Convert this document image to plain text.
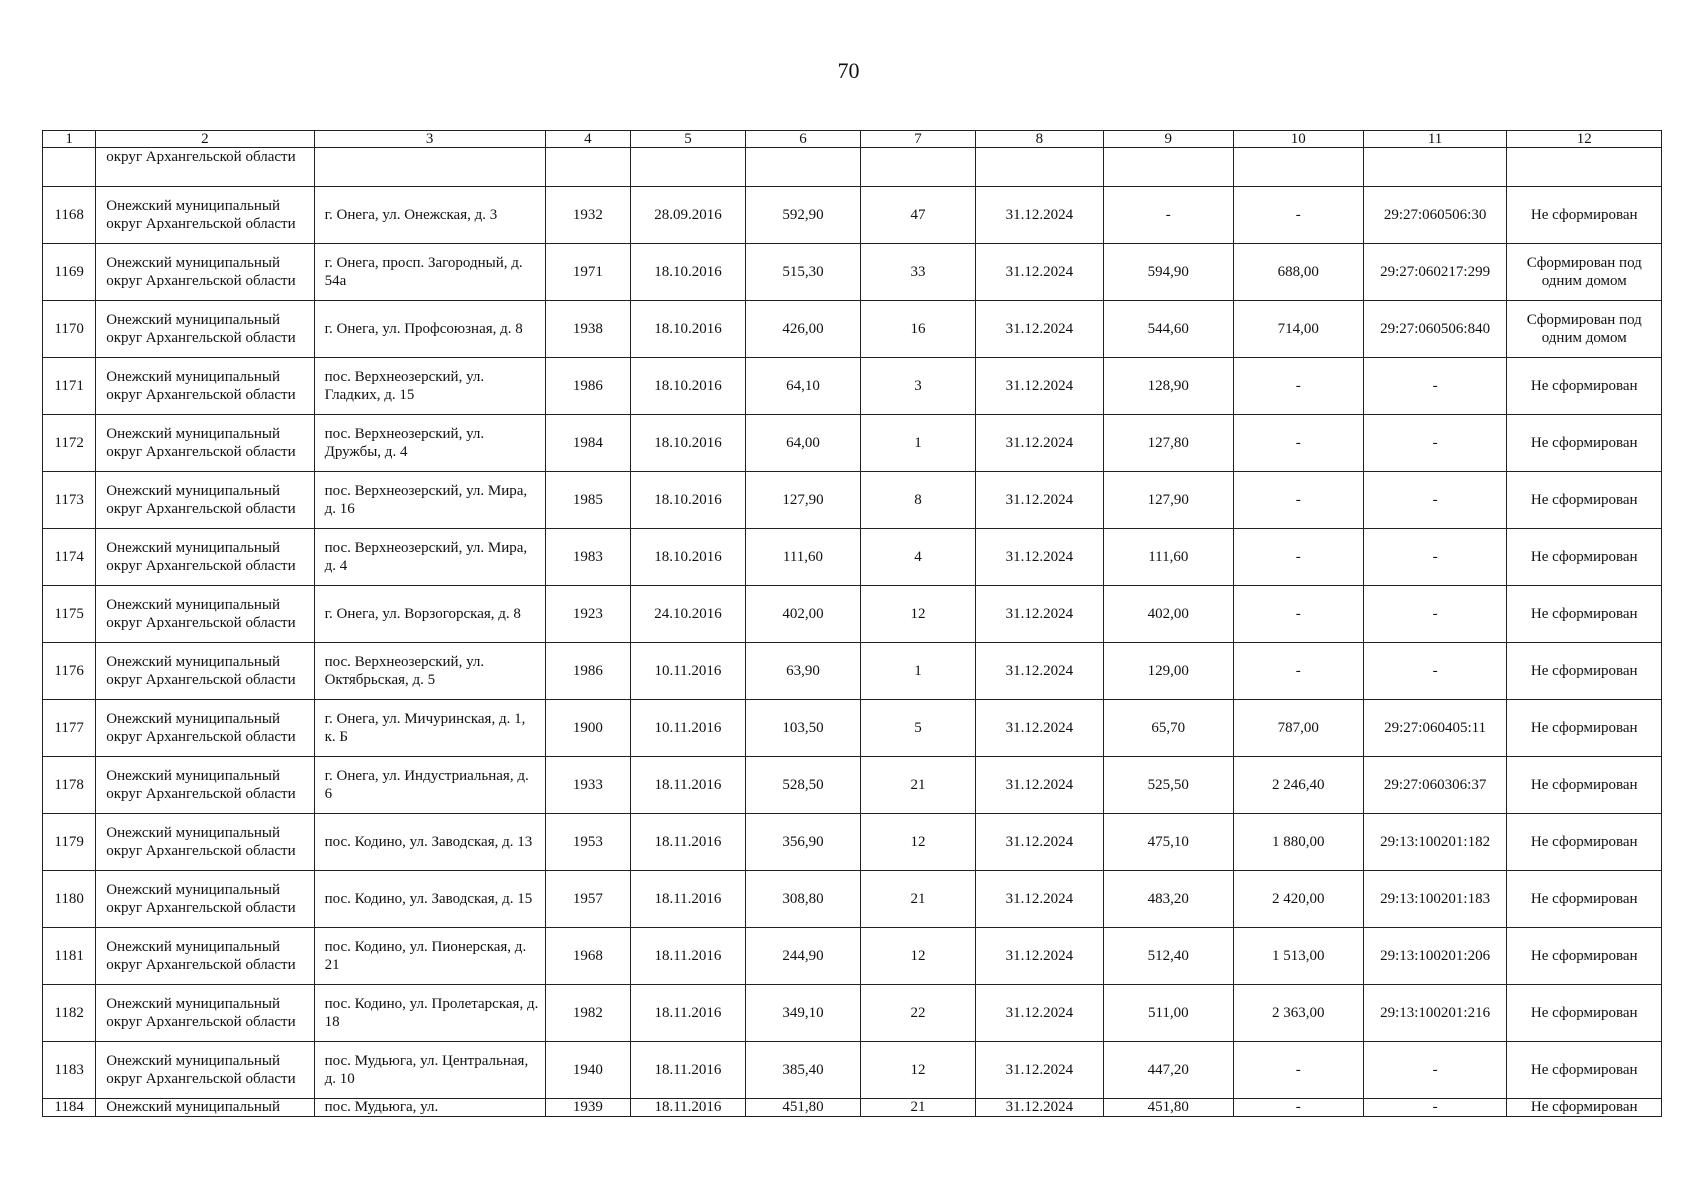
70
1	2	3	4	5	6	7	8	9	10	11	12
	округ Архангельской области										
1168	Онежский муниципальный округ Архангельской области	г. Онега, ул. Онежская, д. 3	1932	28.09.2016	592,90	47	31.12.2024	-	-	29:27:060506:30	Не сформирован
1169	Онежский муниципальный округ Архангельской области	г. Онега, просп. Загородный, д. 54а	1971	18.10.2016	515,30	33	31.12.2024	594,90	688,00	29:27:060217:299	Сформирован под одним домом
1170	Онежский муниципальный округ Архангельской области	г. Онега, ул. Профсоюзная, д. 8	1938	18.10.2016	426,00	16	31.12.2024	544,60	714,00	29:27:060506:840	Сформирован под одним домом
1171	Онежский муниципальный округ Архангельской области	пос. Верхнеозерский, ул. Гладких, д. 15	1986	18.10.2016	64,10	3	31.12.2024	128,90	-	-	Не сформирован
1172	Онежский муниципальный округ Архангельской области	пос. Верхнеозерский, ул. Дружбы, д. 4	1984	18.10.2016	64,00	1	31.12.2024	127,80	-	-	Не сформирован
1173	Онежский муниципальный округ Архангельской области	пос. Верхнеозерский, ул. Мира, д. 16	1985	18.10.2016	127,90	8	31.12.2024	127,90	-	-	Не сформирован
1174	Онежский муниципальный округ Архангельской области	пос. Верхнеозерский, ул. Мира, д. 4	1983	18.10.2016	111,60	4	31.12.2024	111,60	-	-	Не сформирован
1175	Онежский муниципальный округ Архангельской области	г. Онега, ул. Ворзогорская, д. 8	1923	24.10.2016	402,00	12	31.12.2024	402,00	-	-	Не сформирован
1176	Онежский муниципальный округ Архангельской области	пос. Верхнеозерский, ул. Октябрьская, д. 5	1986	10.11.2016	63,90	1	31.12.2024	129,00	-	-	Не сформирован
1177	Онежский муниципальный округ Архангельской области	г. Онега, ул. Мичуринская, д. 1, к. Б	1900	10.11.2016	103,50	5	31.12.2024	65,70	787,00	29:27:060405:11	Не сформирован
1178	Онежский муниципальный округ Архангельской области	г. Онега, ул. Индустриальная, д. 6	1933	18.11.2016	528,50	21	31.12.2024	525,50	2 246,40	29:27:060306:37	Не сформирован
1179	Онежский муниципальный округ Архангельской области	пос. Кодино, ул. Заводская, д. 13	1953	18.11.2016	356,90	12	31.12.2024	475,10	1 880,00	29:13:100201:182	Не сформирован
1180	Онежский муниципальный округ Архангельской области	пос. Кодино, ул. Заводская, д. 15	1957	18.11.2016	308,80	21	31.12.2024	483,20	2 420,00	29:13:100201:183	Не сформирован
1181	Онежский муниципальный округ Архангельской области	пос. Кодино, ул. Пионерская, д. 21	1968	18.11.2016	244,90	12	31.12.2024	512,40	1 513,00	29:13:100201:206	Не сформирован
1182	Онежский муниципальный округ Архангельской области	пос. Кодино, ул. Пролетарская, д. 18	1982	18.11.2016	349,10	22	31.12.2024	511,00	2 363,00	29:13:100201:216	Не сформирован
1183	Онежский муниципальный округ Архангельской области	пос. Мудьюга, ул. Центральная, д. 10	1940	18.11.2016	385,40	12	31.12.2024	447,20	-	-	Не сформирован
1184	Онежский муниципальный	пос. Мудьюга, ул.	1939	18.11.2016	451,80	21	31.12.2024	451,80	-	-	Не сформирован
